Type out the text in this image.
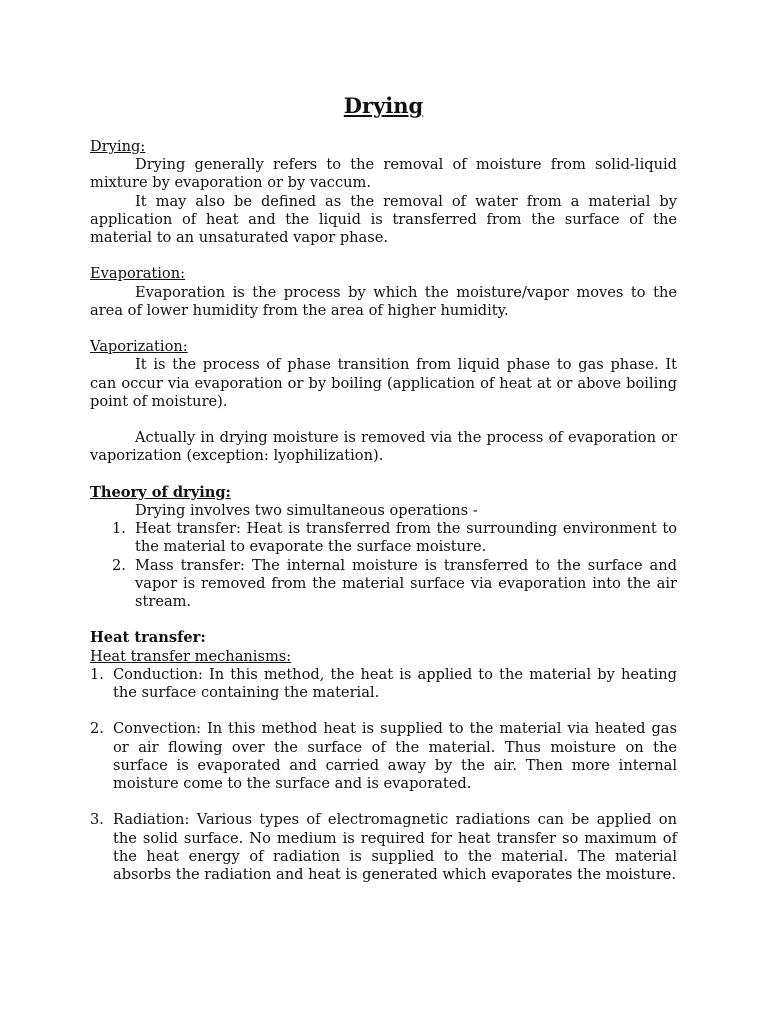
Drying
Drying:

Drying generally refers to the removal of moisture from solid-liquid mixture by evaporation or by vaccum.

It may also be defined as the removal of water from a material by application of heat and the liquid is transferred from the surface of the material to an unsaturated vapor phase.

Evaporation:

Evaporation is the process by which the moisture/vapor moves to the area of lower humidity from the area of higher humidity.

Vaporization:

It is the process of phase transition from liquid phase to gas phase. It can occur via evaporation or by boiling (application of heat at or above boiling point of moisture).

Actually in drying moisture is removed via the process of evaporation or vaporization (exception: lyophilization).

Theory of drying:

Drying involves two simultaneous operations -

1. Heat transfer: Heat is transferred from the surrounding environment to the material to evaporate the surface moisture.
2. Mass transfer: The internal moisture is transferred to the surface and vapor is removed from the material surface via evaporation into the air stream.
Heat transfer:
Heat transfer mechanisms:
1. Conduction: In this method, the heat is applied to the material by heating the surface containing the material.
2. Convection: In this method heat is supplied to the material via heated gas or air flowing over the surface of the material. Thus moisture on the surface is evaporated and carried away by the air. Then more internal moisture come to the surface and is evaporated.
3. Radiation: Various types of electromagnetic radiations can be applied on the solid surface. No medium is required for heat transfer so maximum of the heat energy of radiation is supplied to the material. The material absorbs the radiation and heat is generated which evaporates the moisture.
